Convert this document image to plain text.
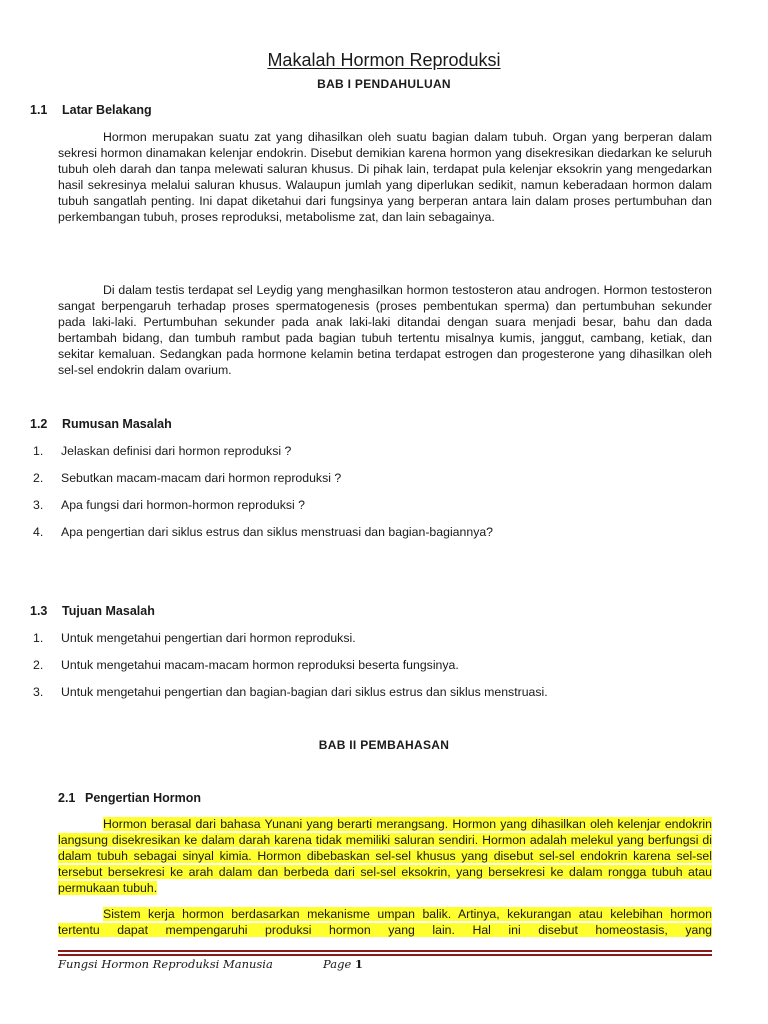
Makalah Hormon Reproduksi
BAB I PENDAHULUAN
1.1 Latar Belakang
Hormon merupakan suatu zat yang dihasilkan oleh suatu bagian dalam tubuh. Organ yang berperan dalam sekresi hormon dinamakan kelenjar endokrin. Disebut demikian karena hormon yang disekresikan diedarkan ke seluruh tubuh oleh darah dan tanpa melewati saluran khusus. Di pihak lain, terdapat pula kelenjar eksokrin yang mengedarkan hasil sekresinya melalui saluran khusus. Walaupun jumlah yang diperlukan sedikit, namun keberadaan hormon dalam tubuh sangatlah penting. Ini dapat diketahui dari fungsinya yang berperan antara lain dalam proses pertumbuhan dan perkembangan tubuh, proses reproduksi, metabolisme zat, dan lain sebagainya.
Di dalam testis terdapat sel Leydig yang menghasilkan hormon testosteron atau androgen. Hormon testosteron sangat berpengaruh terhadap proses spermatogenesis (proses pembentukan sperma) dan pertumbuhan sekunder pada laki-laki. Pertumbuhan sekunder pada anak laki-laki ditandai dengan suara menjadi besar, bahu dan dada bertambah bidang, dan tumbuh rambut pada bagian tubuh tertentu misalnya kumis, janggut, cambang, ketiak, dan sekitar kemaluan. Sedangkan pada hormone kelamin betina terdapat estrogen dan progesterone yang dihasilkan oleh sel-sel endokrin dalam ovarium.
1.2 Rumusan Masalah
1. Jelaskan definisi dari hormon reproduksi ?
2. Sebutkan macam-macam dari hormon reproduksi ?
3. Apa fungsi dari hormon-hormon reproduksi ?
4. Apa pengertian dari siklus estrus dan siklus menstruasi dan bagian-bagiannya?
1.3 Tujuan Masalah
1. Untuk mengetahui pengertian dari hormon reproduksi.
2. Untuk mengetahui macam-macam hormon reproduksi beserta fungsinya.
3. Untuk mengetahui pengertian dan bagian-bagian dari siklus estrus dan siklus menstruasi.
BAB II PEMBAHASAN
2.1 Pengertian Hormon
Hormon berasal dari bahasa Yunani yang berarti merangsang. Hormon yang dihasilkan oleh kelenjar endokrin langsung disekresikan ke dalam darah karena tidak memiliki saluran sendiri. Hormon adalah melekul yang berfungsi di dalam tubuh sebagai sinyal kimia. Hormon dibebaskan sel-sel khusus yang disebut sel-sel endokrin karena sel-sel tersebut bersekresi ke arah dalam dan berbeda dari sel-sel eksokrin, yang bersekresi ke dalam rongga tubuh atau permukaan tubuh.
Sistem kerja hormon berdasarkan mekanisme umpan balik. Artinya, kekurangan atau kelebihan hormon tertentu dapat mempengaruhi produksi hormon yang lain. Hal ini disebut homeostasis, yang
Fungsi Hormon Reproduksi Manusia	Page 1
